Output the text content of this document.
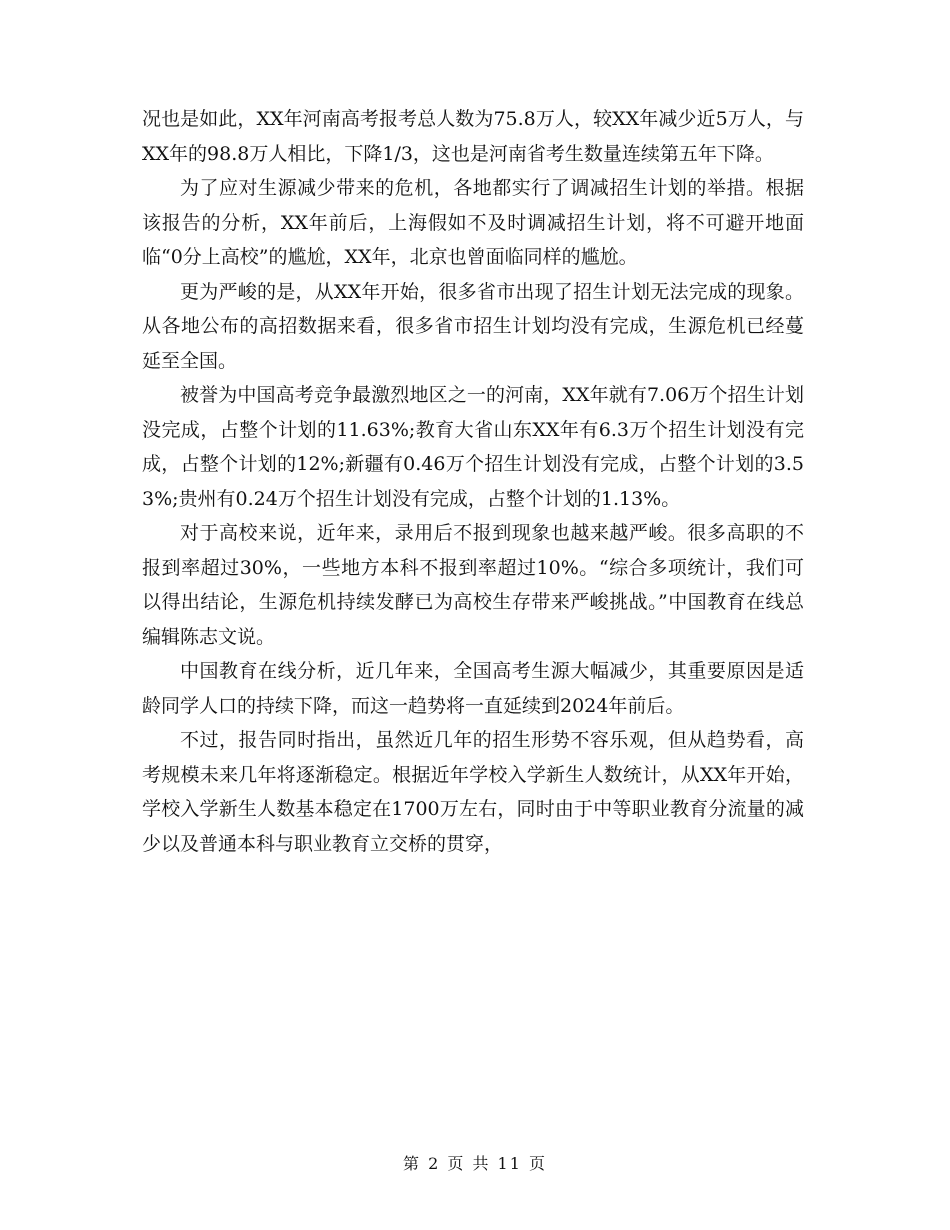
况也是如此，XX年河南高考报考总人数为75.8万人，较XX年减少近5万人，与XX年的98.8万人相比，下降1/3，这也是河南省考生数量连续第五年下降。

为了应对生源减少带来的危机，各地都实行了调减招生计划的举措。根据该报告的分析，XX年前后，上海假如不及时调减招生计划，将不可避开地面临“0分上高校”的尴尬，XX年，北京也曾面临同样的尴尬。

更为严峻的是，从XX年开始，很多省市出现了招生计划无法完成的现象。从各地公布的高招数据来看，很多省市招生计划均没有完成，生源危机已经蔓延至全国。

被誉为中国高考竞争最激烈地区之一的河南，XX年就有7.06万个招生计划没完成，占整个计划的11.63%;教育大省山东XX年有6.3万个招生计划没有完成，占整个计划的12%;新疆有0.46万个招生计划没有完成，占整个计划的3.53%;贵州有0.24万个招生计划没有完成，占整个计划的1.13%。

对于高校来说，近年来，录用后不报到现象也越来越严峻。很多高职的不报到率超过30%，一些地方本科不报到率超过10%。“综合多项统计，我们可以得出结论，生源危机持续发酵已为高校生存带来严峻挑战。”中国教育在线总编辑陈志文说。

中国教育在线分析，近几年来，全国高考生源大幅减少，其重要原因是适龄同学人口的持续下降，而这一趋势将一直延续到2024年前后。

不过，报告同时指出，虽然近几年的招生形势不容乐观，但从趋势看，高考规模未来几年将逐渐稳定。根据近年学校入学新生人数统计，从XX年开始，学校入学新生人数基本稳定在1700万左右，同时由于中等职业教育分流量的减少以及普通本科与职业教育立交桥的贯穿，

第 2 页 共 11 页
